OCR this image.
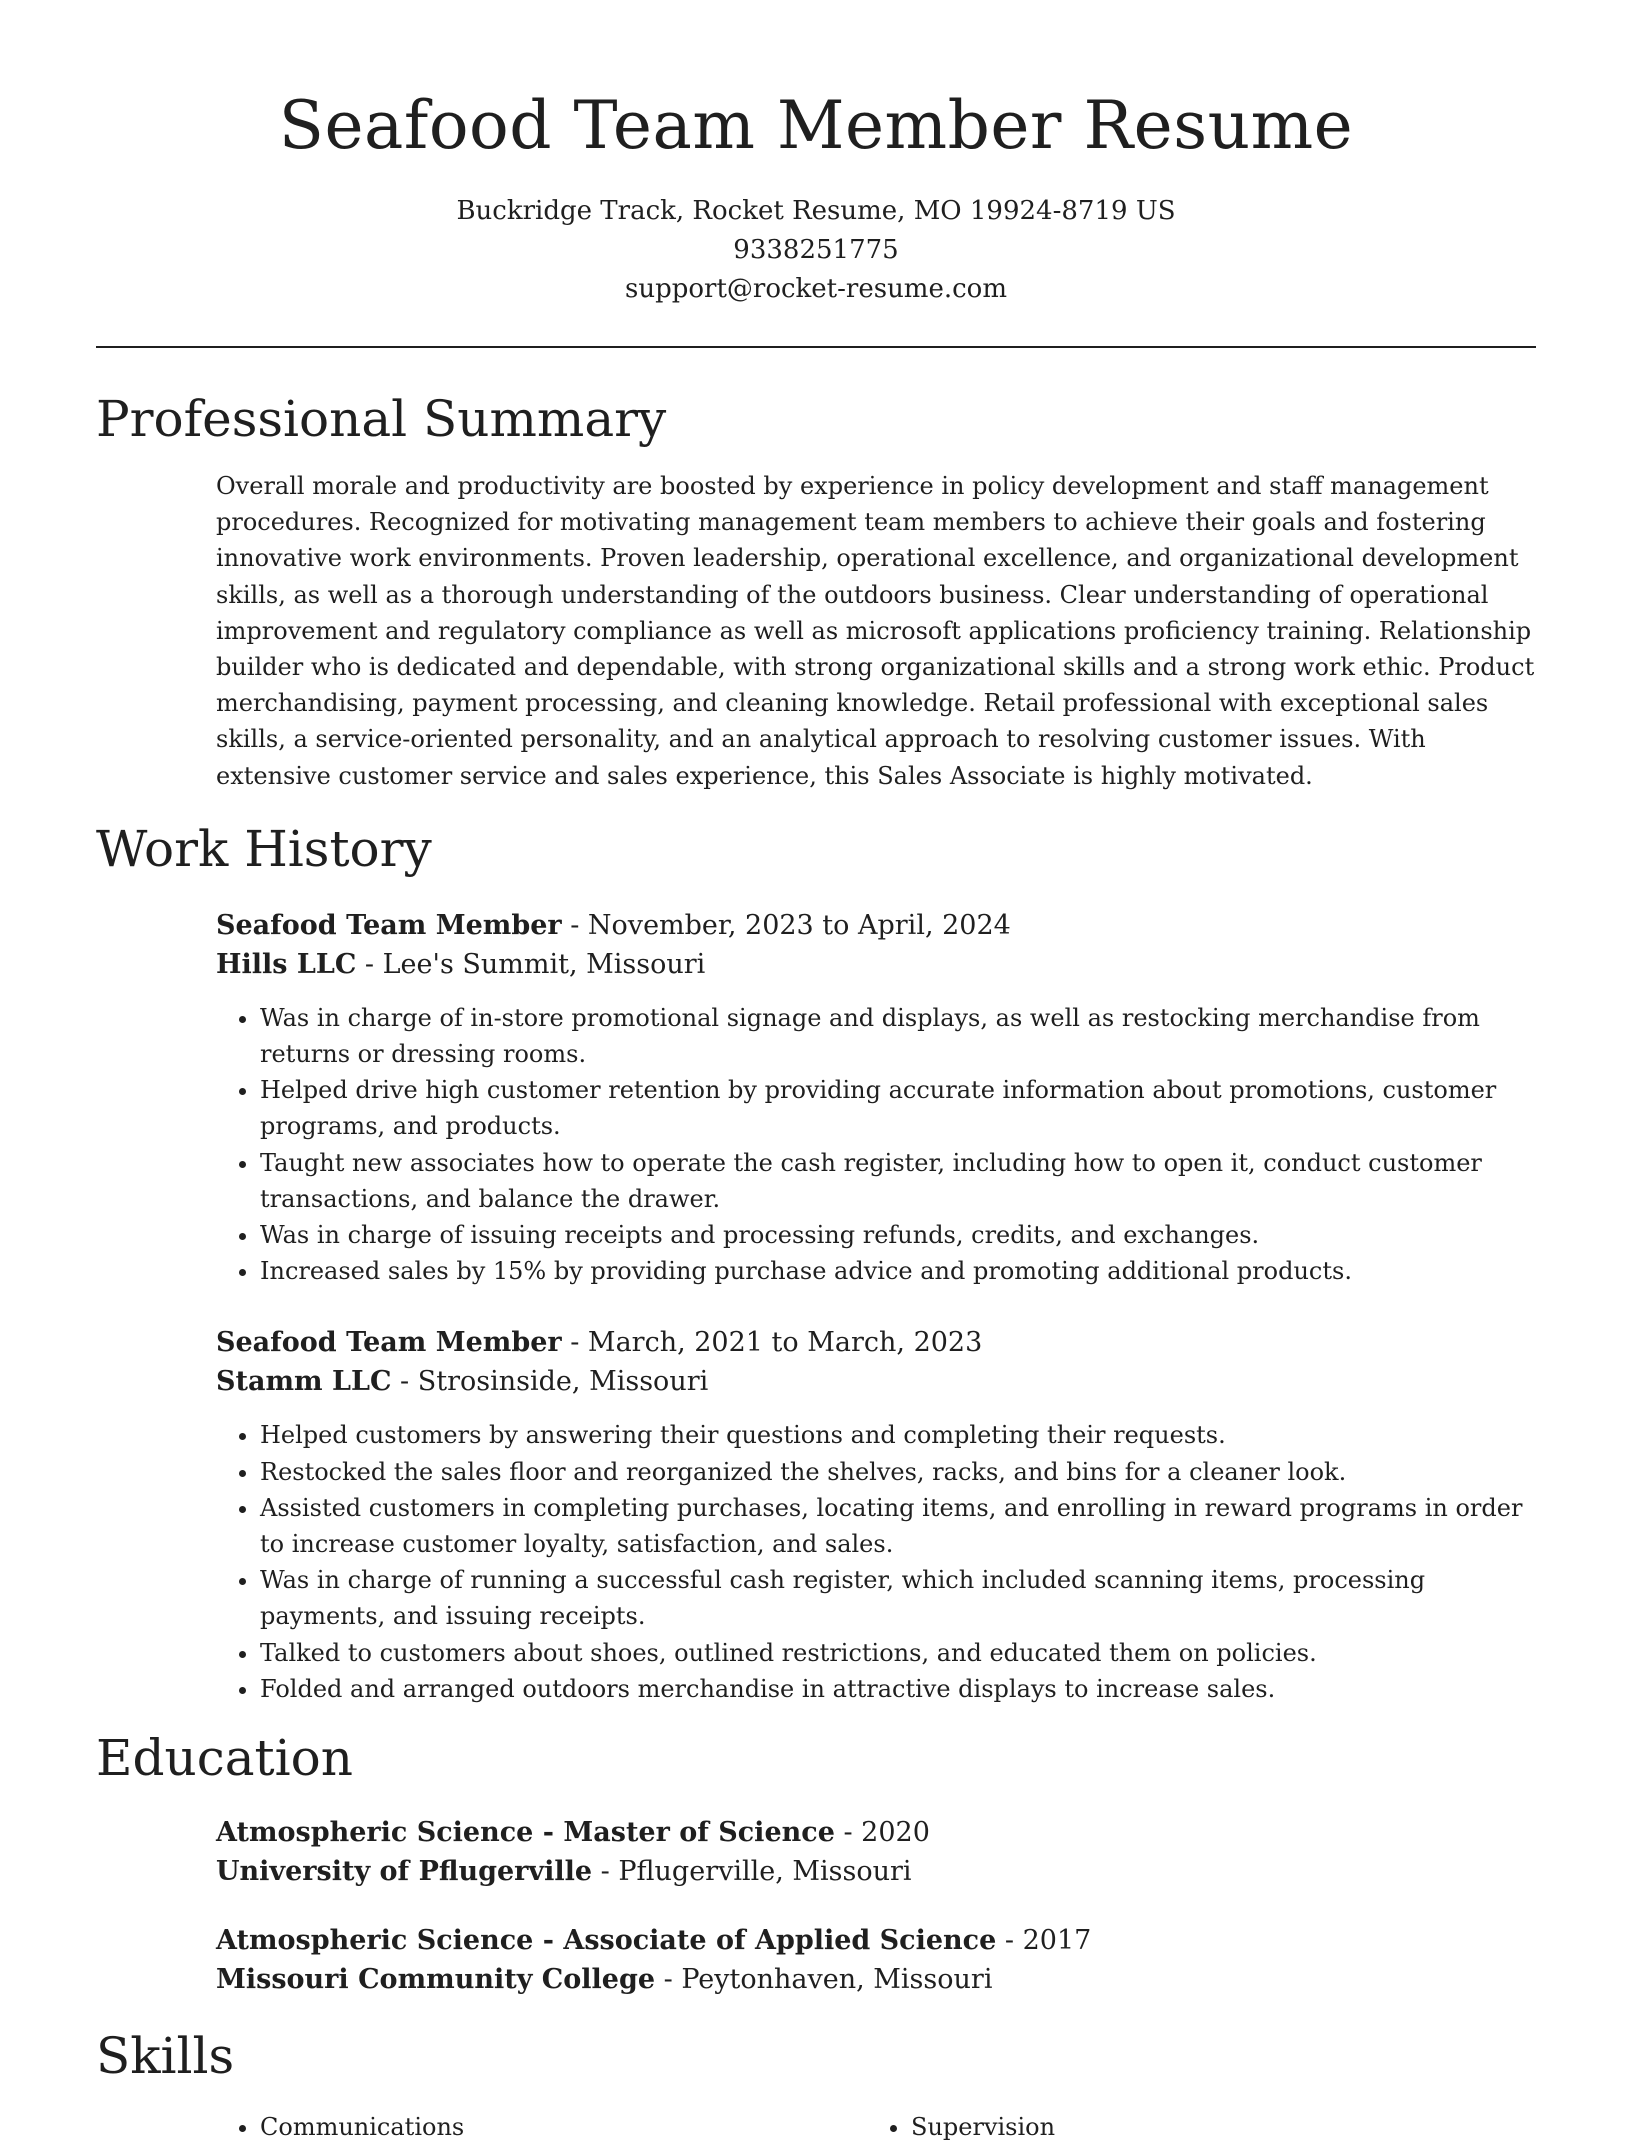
Seafood Team Member Resume
Buckridge Track, Rocket Resume, MO 19924-8719 US
9338251775
support@rocket-resume.com
Professional Summary

Overall morale and productivity are boosted by experience in policy development and staff management procedures. Recognized for motivating management team members to achieve their goals and fostering innovative work environments. Proven leadership, operational excellence, and organizational development skills, as well as a thorough understanding of the outdoors business. Clear understanding of operational improvement and regulatory compliance as well as microsoft applications proficiency training. Relationship builder who is dedicated and dependable, with strong organizational skills and a strong work ethic. Product merchandising, payment processing, and cleaning knowledge. Retail professional with exceptional sales skills, a service-oriented personality, and an analytical approach to resolving customer issues. With extensive customer service and sales experience, this Sales Associate is highly motivated.

Work History
Seafood Team Member - November, 2023 to April, 2024
Hills LLC - Lee's Summit, Missouri
• Was in charge of in-store promotional signage and displays, as well as restocking merchandise from returns or dressing rooms.
• Helped drive high customer retention by providing accurate information about promotions, customer programs, and products.
• Taught new associates how to operate the cash register, including how to open it, conduct customer transactions, and balance the drawer.
• Was in charge of issuing receipts and processing refunds, credits, and exchanges.
• Increased sales by 15% by providing purchase advice and promoting additional products.
Seafood Team Member - March, 2021 to March, 2023
Stamm LLC - Strosinside, Missouri
• Helped customers by answering their questions and completing their requests.
• Restocked the sales floor and reorganized the shelves, racks, and bins for a cleaner look.
• Assisted customers in completing purchases, locating items, and enrolling in reward programs in order to increase customer loyalty, satisfaction, and sales.
• Was in charge of running a successful cash register, which included scanning items, processing payments, and issuing receipts.
• Talked to customers about shoes, outlined restrictions, and educated them on policies.
• Folded and arranged outdoors merchandise in attractive displays to increase sales.
Education
Atmospheric Science - Master of Science - 2020
University of Pflugerville - Pflugerville, Missouri
Atmospheric Science - Associate of Applied Science - 2017
Missouri Community College - Peytonhaven, Missouri
Skills
• Communications
•	Supervision
